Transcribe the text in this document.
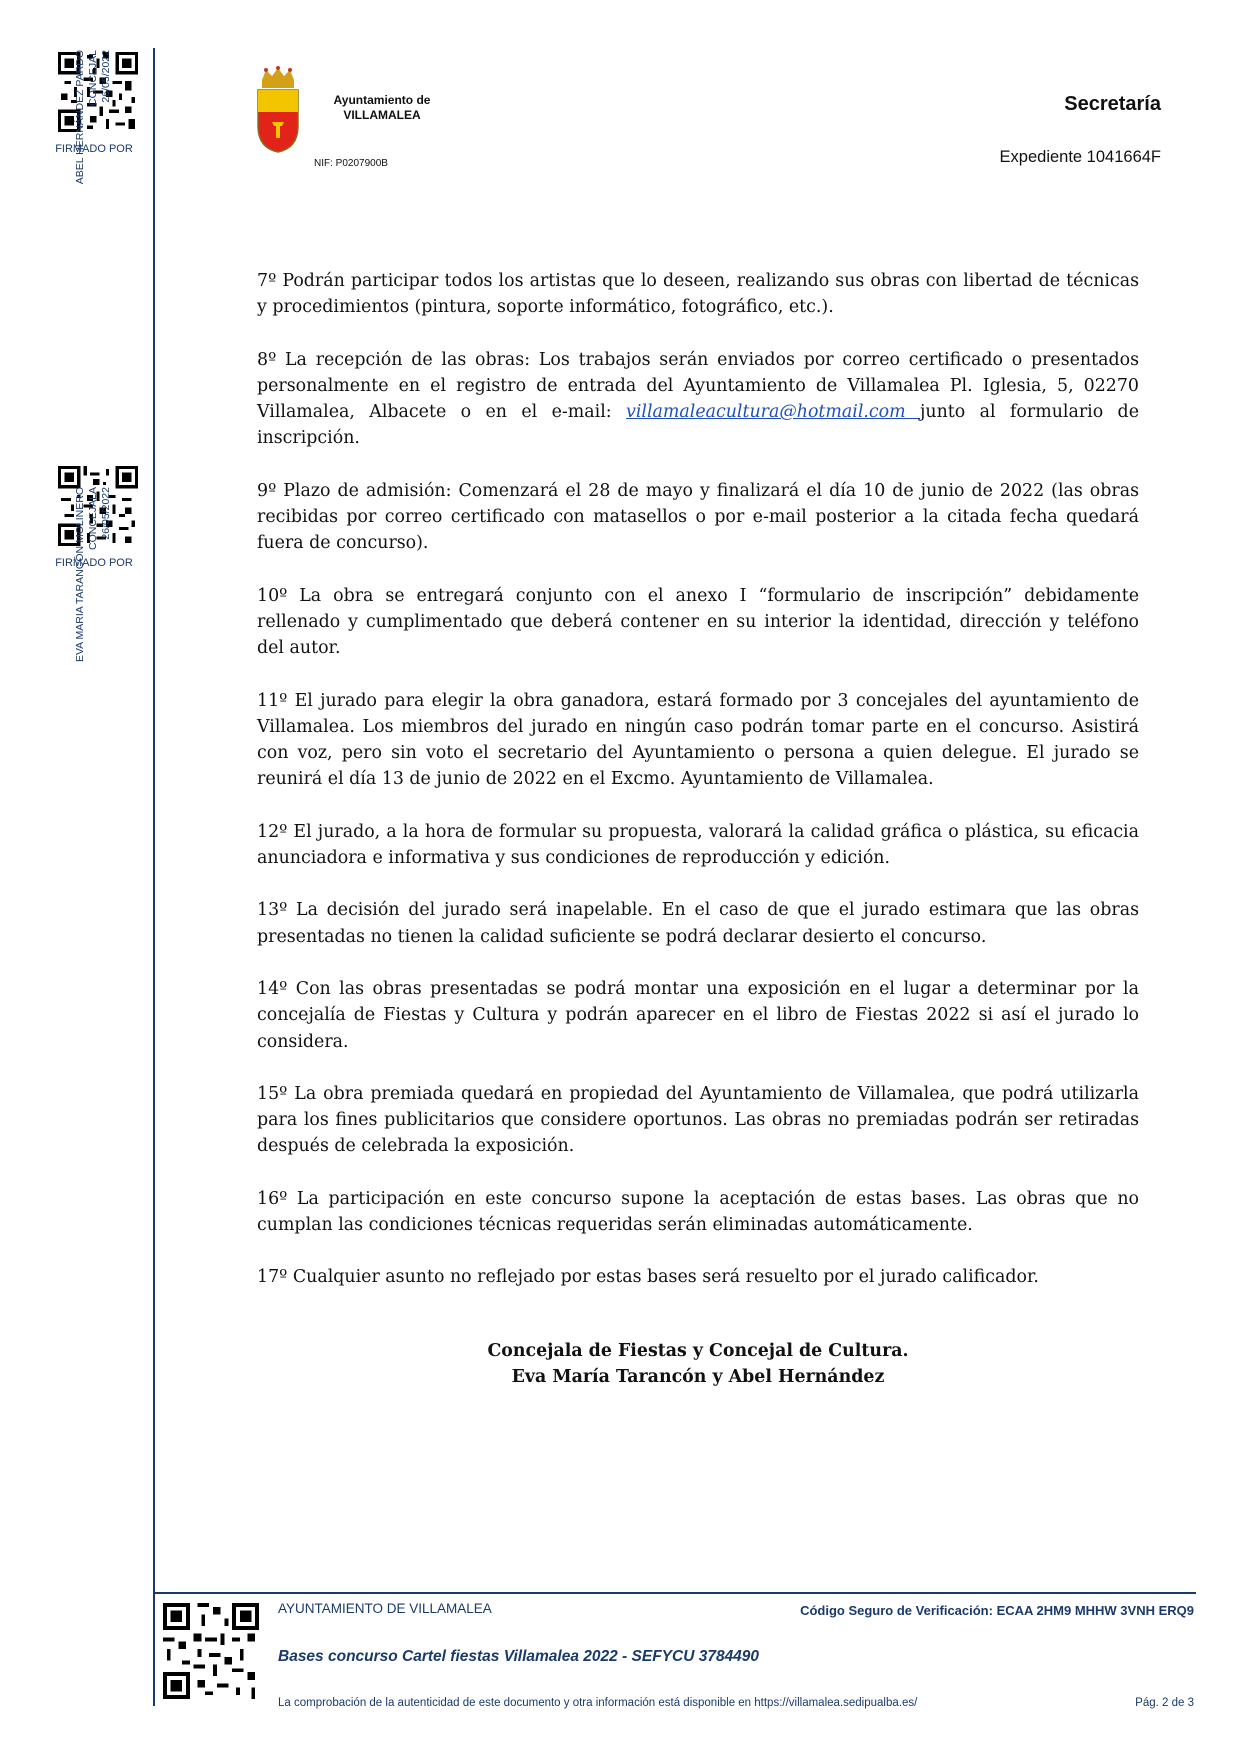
FIRMADO POR
ABEL HERNÁNDEZ PARDO CONCEJAL 26/05/2022
FIRMADO POR
EVA MARIA TARANCÓN MOLINERO CONCEJALA 26/05/2022
Ayuntamiento de
VILLAMALEA
NIF: P0207900B
Secretaría
Expediente 1041664F

7º Podrán participar todos los artistas que lo deseen, realizando sus obras con libertad de técnicas y procedimientos (pintura, soporte informático, fotográfico, etc.).

8º La recepción de las obras: Los trabajos serán enviados por correo certificado o presentados personalmente en el registro de entrada del Ayuntamiento de Villamalea Pl. Iglesia, 5, 02270 Villamalea, Albacete o en el e-mail: villamaleacultura@hotmail.com junto al formulario de inscripción.

9º Plazo de admisión: Comenzará el 28 de mayo y finalizará el día 10 de junio de 2022 (las obras recibidas por correo certificado con matasellos o por e-mail posterior a la citada fecha quedará fuera de concurso).

10º La obra se entregará conjunto con el anexo I “formulario de inscripción” debidamente rellenado y cumplimentado que deberá contener en su interior la identidad, dirección y teléfono del autor.

11º El jurado para elegir la obra ganadora, estará formado por 3 concejales del ayuntamiento de Villamalea. Los miembros del jurado en ningún caso podrán tomar parte en el concurso. Asistirá con voz, pero sin voto el secretario del Ayuntamiento o persona a quien delegue. El jurado se reunirá el día 13 de junio de 2022 en el Excmo. Ayuntamiento de Villamalea.

12º El jurado, a la hora de formular su propuesta, valorará la calidad gráfica o plástica, su eficacia anunciadora e informativa y sus condiciones de reproducción y edición.

13º La decisión del jurado será inapelable. En el caso de que el jurado estimara que las obras presentadas no tienen la calidad suficiente se podrá declarar desierto el concurso.

14º Con las obras presentadas se podrá montar una exposición en el lugar a determinar por la concejalía de Fiestas y Cultura y podrán aparecer en el libro de Fiestas 2022 si así el jurado lo considera.

15º La obra premiada quedará en propiedad del Ayuntamiento de Villamalea, que podrá utilizarla para los fines publicitarios que considere oportunos. Las obras no premiadas podrán ser retiradas después de celebrada la exposición.

16º La participación en este concurso supone la aceptación de estas bases. Las obras que no cumplan las condiciones técnicas requeridas serán eliminadas automáticamente.

17º Cualquier asunto no reflejado por estas bases será resuelto por el jurado calificador.

Concejala de Fiestas y Concejal de Cultura.
Eva María Tarancón y Abel Hernández
AYUNTAMIENTO DE VILLAMALEA	Código Seguro de Verificación: ECAA 2HM9 MHHW 3VNH ERQ9
Bases concurso Cartel fiestas Villamalea 2022 - SEFYCU 3784490
La comprobación de la autenticidad de este documento y otra información está disponible en https://villamalea.sedipualba.es/	Pág. 2 de 3
